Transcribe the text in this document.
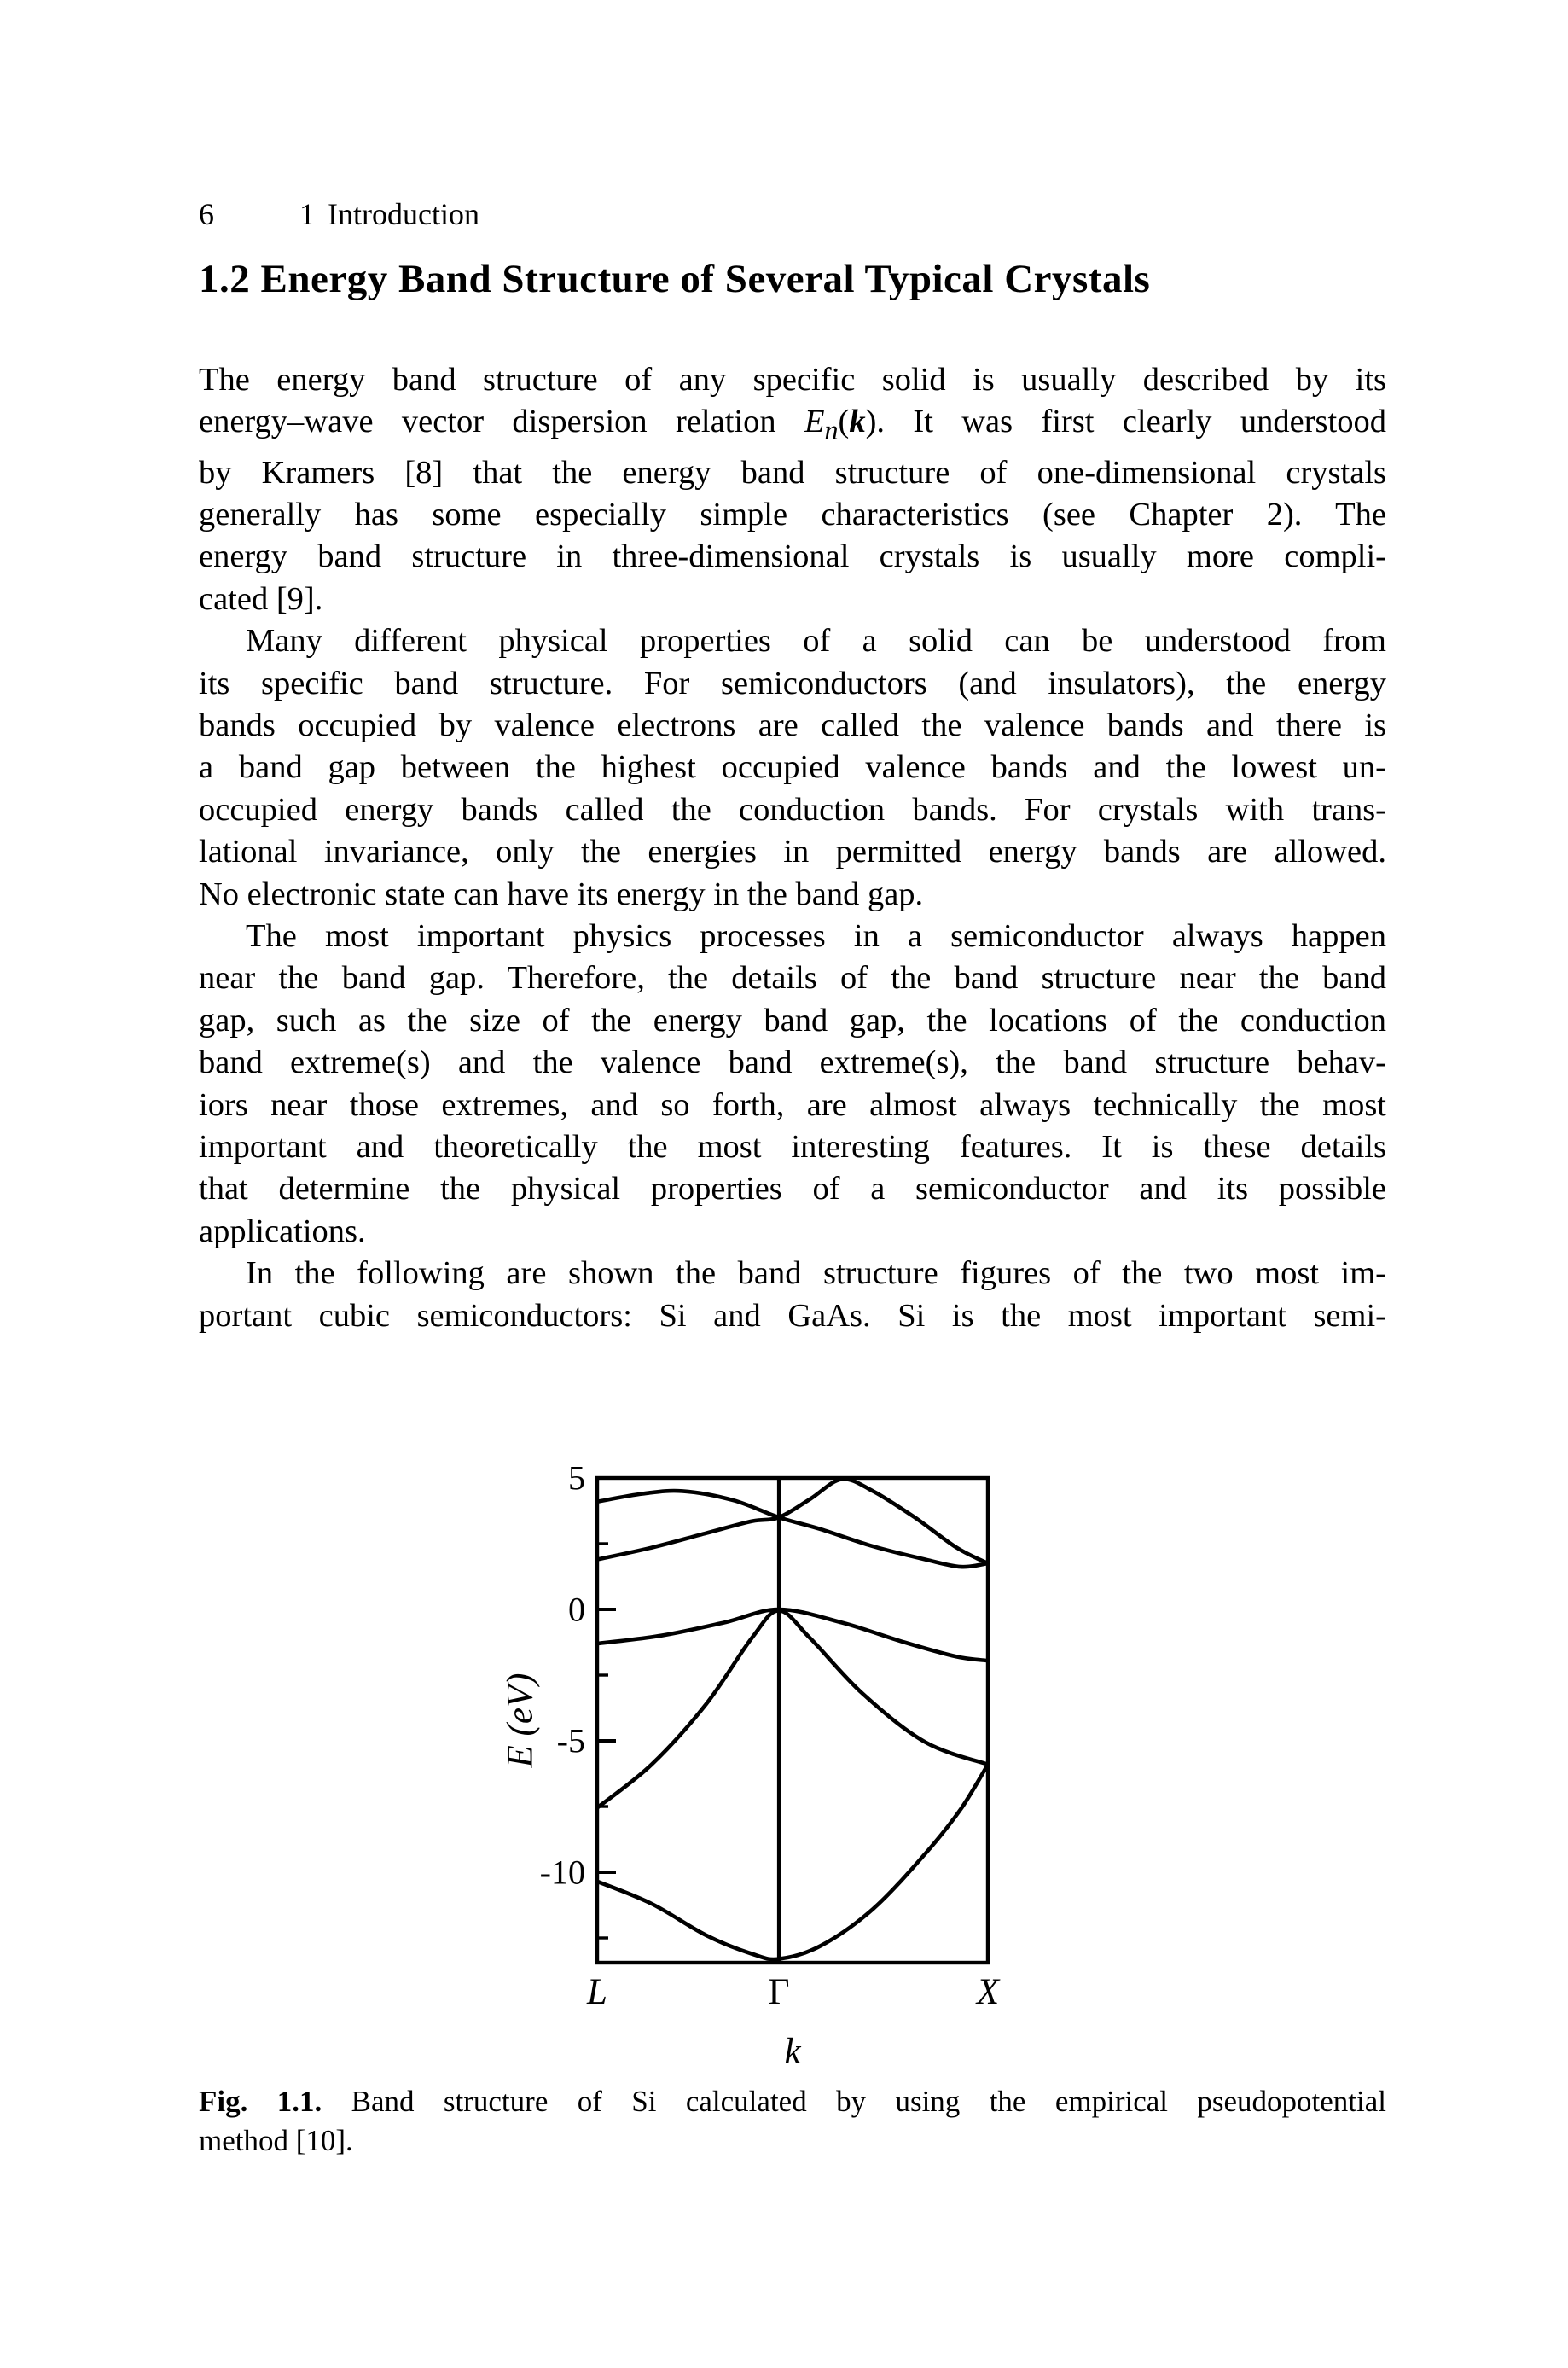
6	1 Introduction
1.2 Energy Band Structure of Several Typical Crystals
The energy band structure of any specific solid is usually described by its
energy–wave vector dispersion relation $E_n(k)$. It was first clearly understood
by Kramers [8] that the energy band structure of one-dimensional crystals
generally has some especially simple characteristics (see Chapter 2). The
energy band structure in three-dimensional crystals is usually more compli-
cated [9].
Many different physical properties of a solid can be understood from
its specific band structure. For semiconductors (and insulators), the energy
bands occupied by valence electrons are called the valence bands and there is
a band gap between the highest occupied valence bands and the lowest un-
occupied energy bands called the conduction bands. For crystals with trans-
lational invariance, only the energies in permitted energy bands are allowed.
No electronic state can have its energy in the band gap.
The most important physics processes in a semiconductor always happen
near the band gap. Therefore, the details of the band structure near the band
gap, such as the size of the energy band gap, the locations of the conduction
band extreme(s) and the valence band extreme(s), the band structure behav-
iors near those extremes, and so forth, are almost always technically the most
important and theoretically the most interesting features. It is these details
that determine the physical properties of a semiconductor and its possible
applications.
In the following are shown the band structure figures of the two most im-
portant cubic semiconductors: Si and GaAs. Si is the most important semi-
5
0
-5
-10
E (eV)
L	Γ	X
k
Fig. 1.1. Band structure of Si calculated by using the empirical pseudopotential
method [10].
